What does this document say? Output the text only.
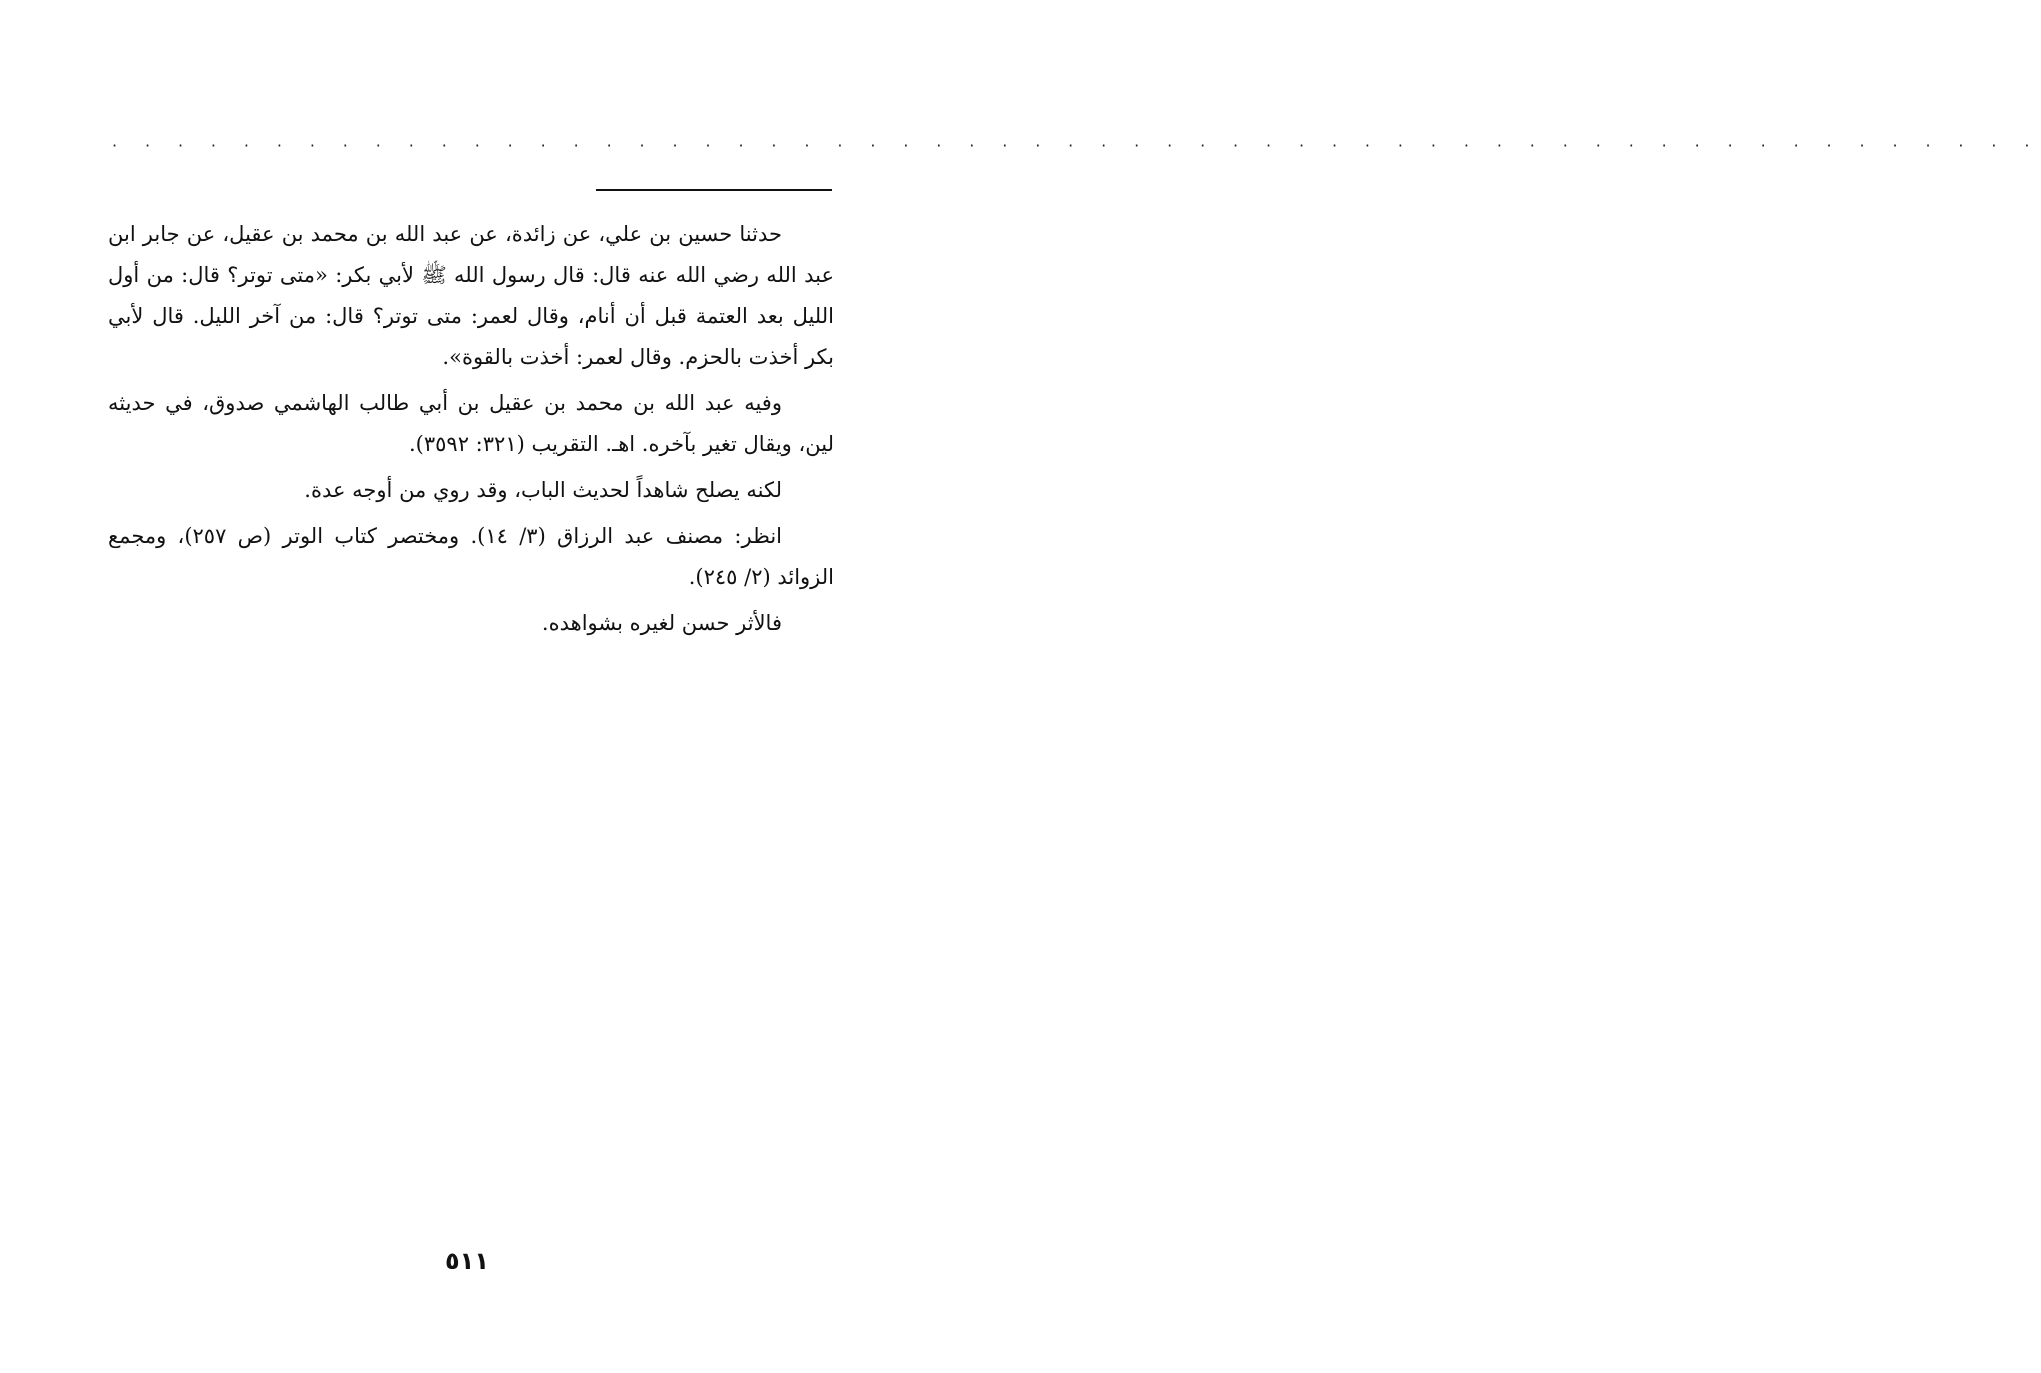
· · · · · · · · · · · · · · · · · · · · · · · · · · · · · · · · · · · · · · · · · · · · · · · · · · · · · · · · · · ·

حدثنا حسين بن علي، عن زائدة، عن عبد الله بن محمد بن عقيل، عن جابر ابن عبد الله رضي الله عنه قال: قال رسول الله ﷺ لأبي بكر: «متى توتر؟ قال: من أول الليل بعد العتمة قبل أن أنام، وقال لعمر: متى توتر؟ قال: من آخر الليل. قال لأبي بكر أخذت بالحزم. وقال لعمر: أخذت بالقوة».

وفيه عبد الله بن محمد بن عقيل بن أبي طالب الهاشمي صدوق، في حديثه لين، ويقال تغير بآخره. اهـ. التقريب (٣٢١: ٣٥٩٢).

لكنه يصلح شاهداً لحديث الباب، وقد روي من أوجه عدة.

انظر: مصنف عبد الرزاق (٣/ ١٤). ومختصر كتاب الوتر (ص ٢٥٧)، ومجمع الزوائد (٢/ ٢٤٥).

فالأثر حسن لغيره بشواهده.

٥١١
